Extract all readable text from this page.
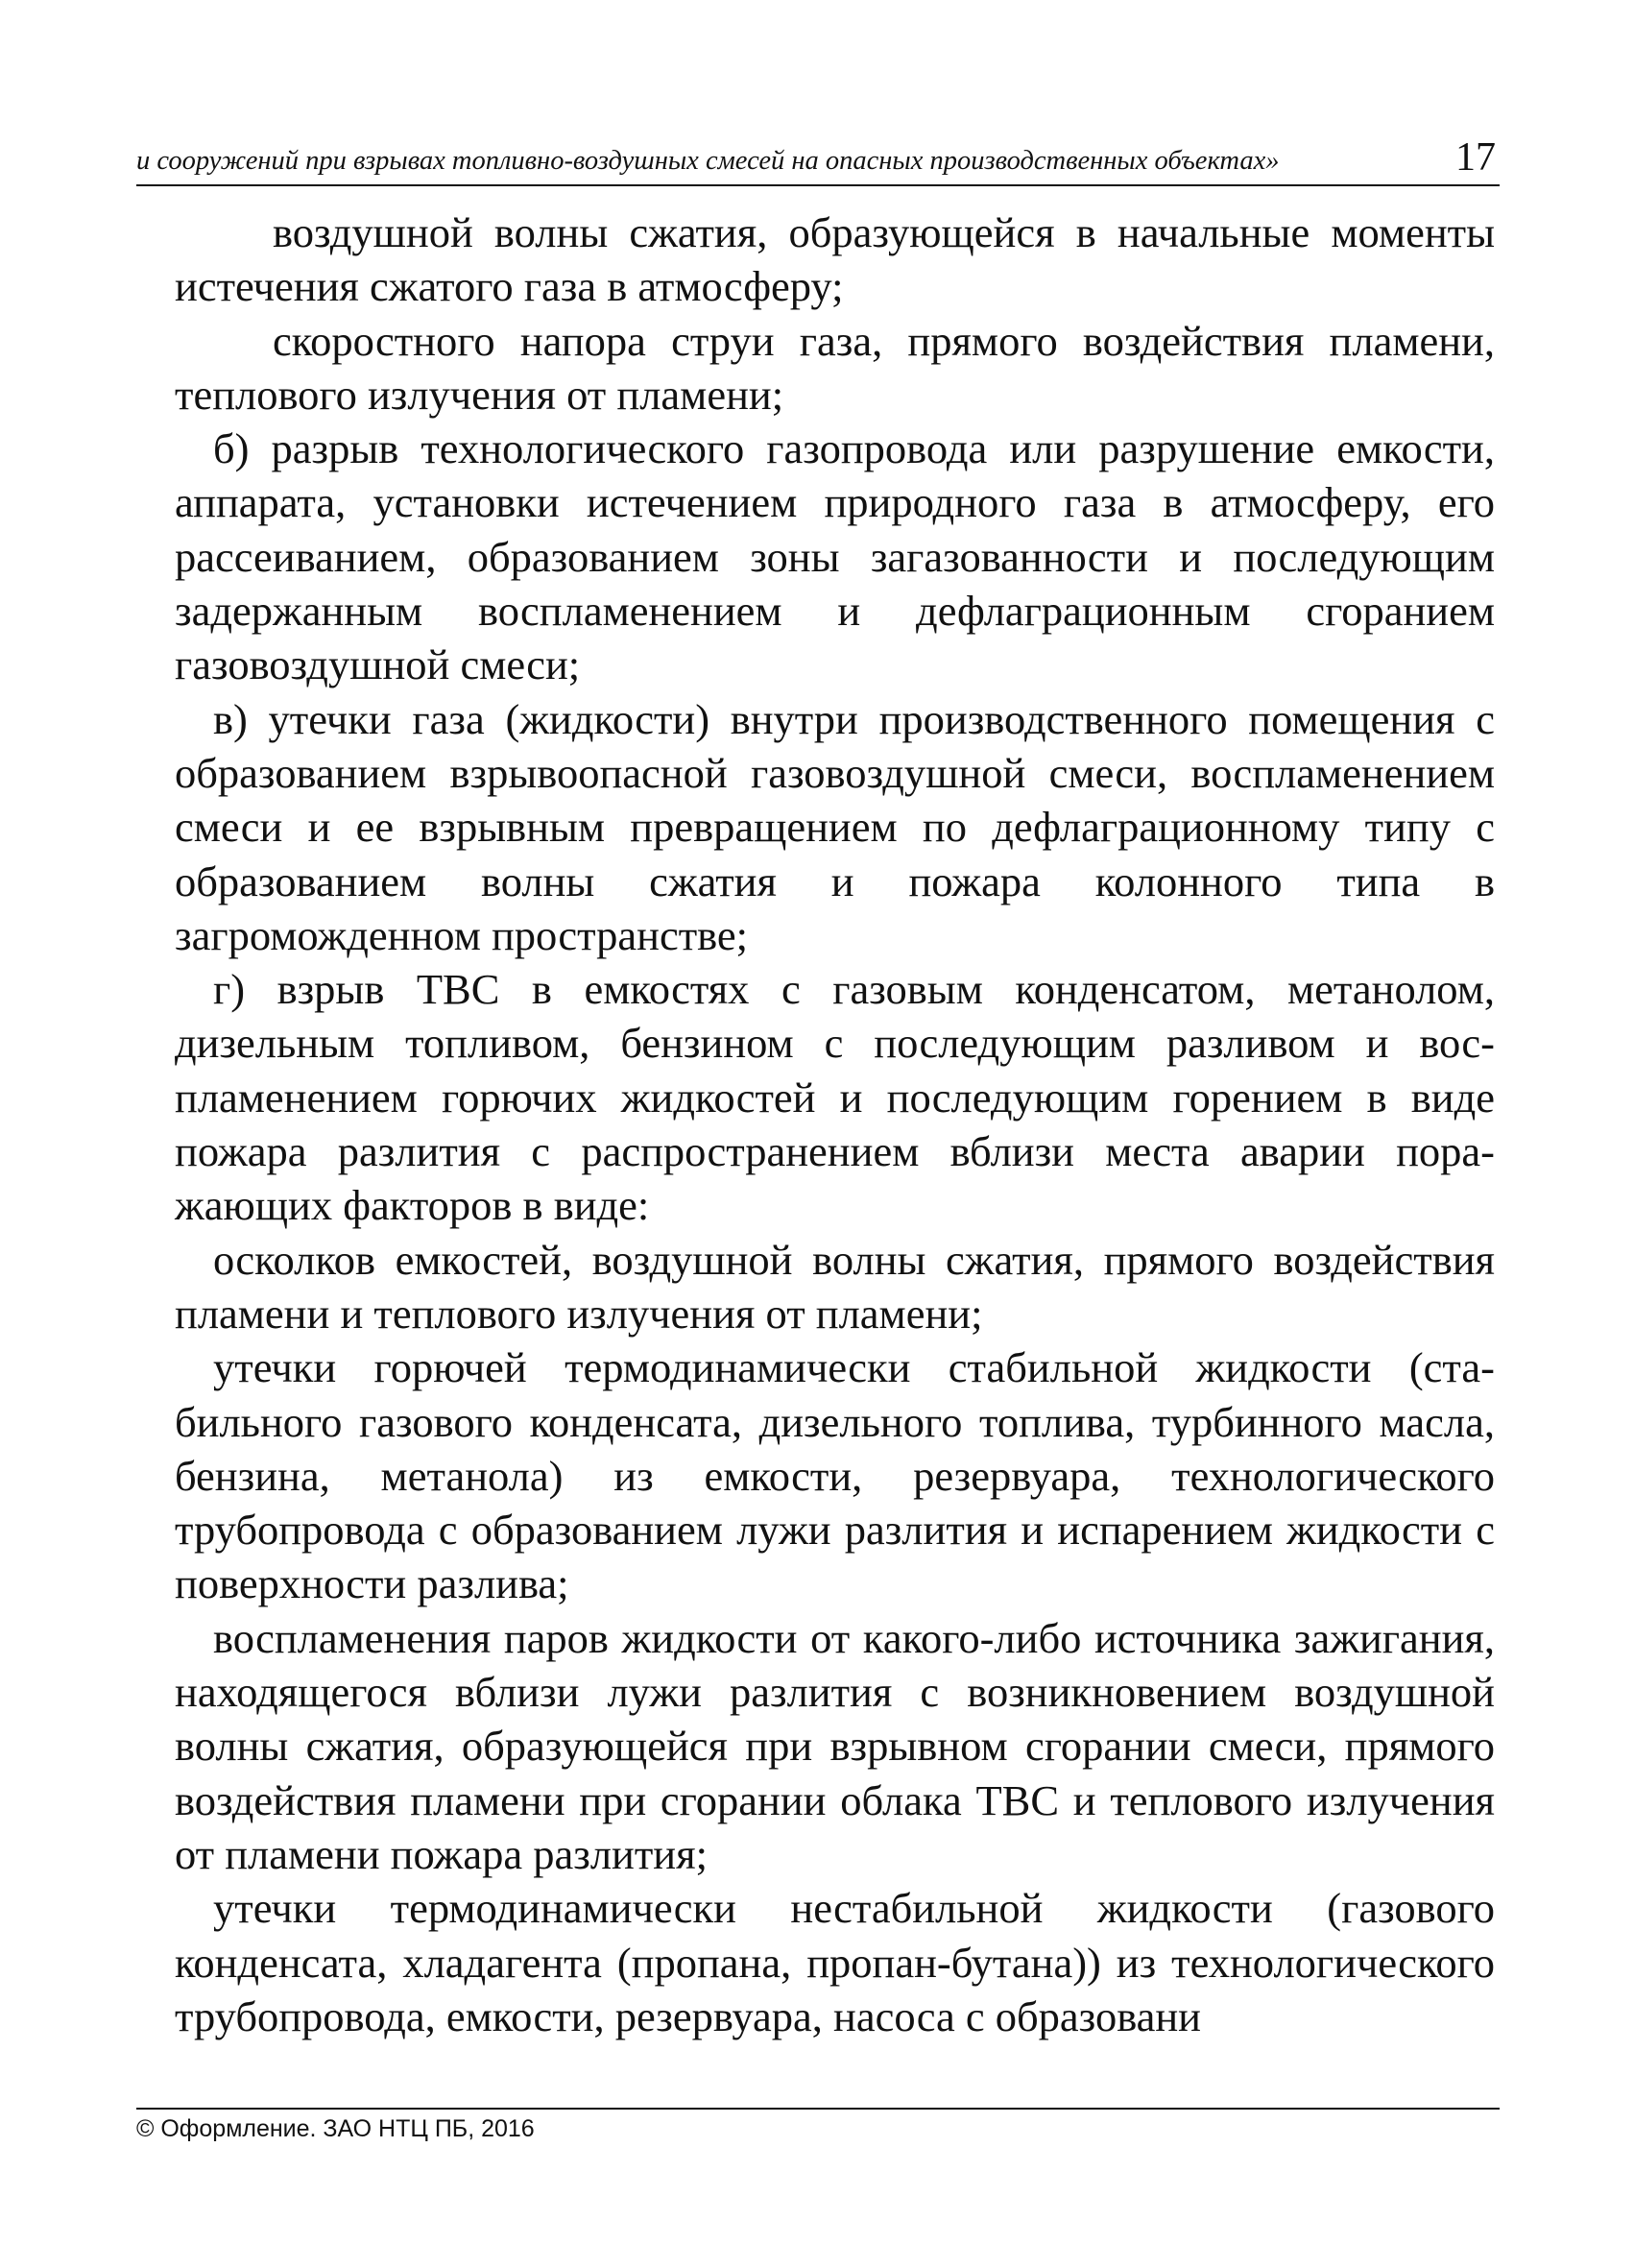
и сооружений при взрывах топливно-воздушных смесей на опасных производственных объектах»	17

воздушной волны сжатия, образующейся в начальные моменты истечения сжатого газа в атмосферу;

скоростного напора струи газа, прямого воздействия пламени, теплового излучения от пламени;

б) разрыв технологического газопровода или разрушение емкости, аппарата, установки истечением природного газа в атмосферу, его рассеиванием, образованием зоны загазованности и последующим задержанным воспламенением и дефлаграционным сгоранием газовоздушной смеси;

в) утечки газа (жидкости) внутри производственного помещения с образованием взрывоопасной газовоздушной смеси, воспламенением смеси и ее взрывным превращением по дефлаграционному типу с образованием волны сжатия и пожара колонного типа в загроможденном пространстве;

г) взрыв ТВС в емкостях с газовым конденсатом, метанолом, дизельным топливом, бензином с последующим разливом и воспламенением горючих жидкостей и последующим горением в виде пожара разлития с распространением вблизи места аварии поражающих факторов в виде:

осколков емкостей, воздушной волны сжатия, прямого воздействия пламени и теплового излучения от пламени;

утечки горючей термодинамически стабильной жидкости (стабильного газового конденсата, дизельного топлива, турбинного масла, бензина, метанола) из емкости, резервуара, технологического трубопровода с образованием лужи разлития и испарением жидкости с поверхности разлива;

воспламенения паров жидкости от какого-либо источника зажигания, находящегося вблизи лужи разлития с возникновением воздушной волны сжатия, образующейся при взрывном сгорании смеси, прямого воздействия пламени при сгорании облака ТВС и теплового излучения от пламени пожара разлития;

утечки термодинамически нестабильной жидкости (газового конденсата, хладагента (пропана, пропан-бутана)) из технологического трубопровода, емкости, резервуара, насоса с образовани

© Оформление. ЗАО НТЦ ПБ, 2016
